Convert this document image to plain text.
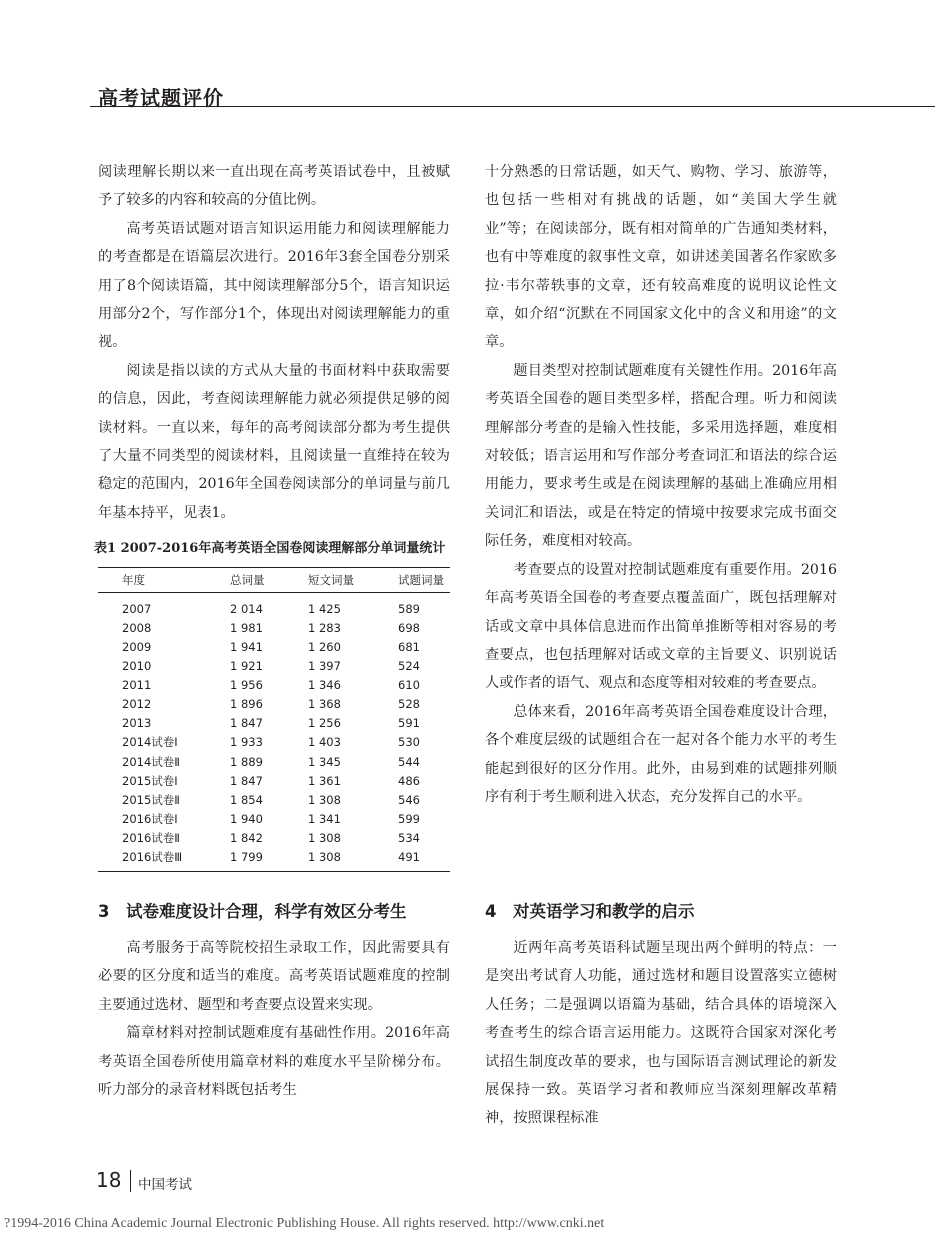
高考试题评价

阅读理解长期以来一直出现在高考英语试卷中，且被赋予了较多的内容和较高的分值比例。

高考英语试题对语言知识运用能力和阅读理解能力的考查都是在语篇层次进行。2016年3套全国卷分别采用了8个阅读语篇，其中阅读理解部分5个，语言知识运用部分2个，写作部分1个，体现出对阅读理解能力的重视。

阅读是指以读的方式从大量的书面材料中获取需要的信息，因此，考查阅读理解能力就必须提供足够的阅读材料。一直以来，每年的高考阅读部分都为考生提供了大量不同类型的阅读材料，且阅读量一直维持在较为稳定的范围内，2016年全国卷阅读部分的单词量与前几年基本持平，见表1。

表1 2007-2016年高考英语全国卷阅读理解部分单词量统计
年度	总词量	短文词量	试题词量
2007	2 014	1 425	589
2008	1 981	1 283	698
2009	1 941	1 260	681
2010	1 921	1 397	524
2011	1 956	1 346	610
2012	1 896	1 368	528
2013	1 847	1 256	591
2014试卷Ⅰ	1 933	1 403	530
2014试卷Ⅱ	1 889	1 345	544
2015试卷Ⅰ	1 847	1 361	486
2015试卷Ⅱ	1 854	1 308	546
2016试卷Ⅰ	1 940	1 341	599
2016试卷Ⅱ	1 842	1 308	534
2016试卷Ⅲ	1 799	1 308	491
3 试卷难度设计合理，科学有效区分考生

高考服务于高等院校招生录取工作，因此需要具有必要的区分度和适当的难度。高考英语试题难度的控制主要通过选材、题型和考查要点设置来实现。

篇章材料对控制试题难度有基础性作用。2016年高考英语全国卷所使用篇章材料的难度水平呈阶梯分布。听力部分的录音材料既包括考生

十分熟悉的日常话题，如天气、购物、学习、旅游等，也包括一些相对有挑战的话题，如“美国大学生就业”等；在阅读部分，既有相对简单的广告通知类材料，也有中等难度的叙事性文章，如讲述美国著名作家欧多拉·韦尔蒂轶事的文章，还有较高难度的说明议论性文章，如介绍“沉默在不同国家文化中的含义和用途”的文章。

题目类型对控制试题难度有关键性作用。2016年高考英语全国卷的题目类型多样，搭配合理。听力和阅读理解部分考查的是输入性技能，多采用选择题，难度相对较低；语言运用和写作部分考查词汇和语法的综合运用能力，要求考生或是在阅读理解的基础上准确应用相关词汇和语法，或是在特定的情境中按要求完成书面交际任务，难度相对较高。

考查要点的设置对控制试题难度有重要作用。2016年高考英语全国卷的考查要点覆盖面广，既包括理解对话或文章中具体信息进而作出简单推断等相对容易的考查要点，也包括理解对话或文章的主旨要义、识别说话人或作者的语气、观点和态度等相对较难的考查要点。

总体来看，2016年高考英语全国卷难度设计合理，各个难度层级的试题组合在一起对各个能力水平的考生能起到很好的区分作用。此外，由易到难的试题排列顺序有利于考生顺利进入状态，充分发挥自己的水平。

4 对英语学习和教学的启示

近两年高考英语科试题呈现出两个鲜明的特点：一是突出考试育人功能，通过选材和题目设置落实立德树人任务；二是强调以语篇为基础，结合具体的语境深入考查考生的综合语言运用能力。这既符合国家对深化考试招生制度改革的要求，也与国际语言测试理论的新发展保持一致。英语学习者和教师应当深刻理解改革精神，按照课程标准

18 中国考试
?1994-2016 China Academic Journal Electronic Publishing House. All rights reserved. http://www.cnki.net
